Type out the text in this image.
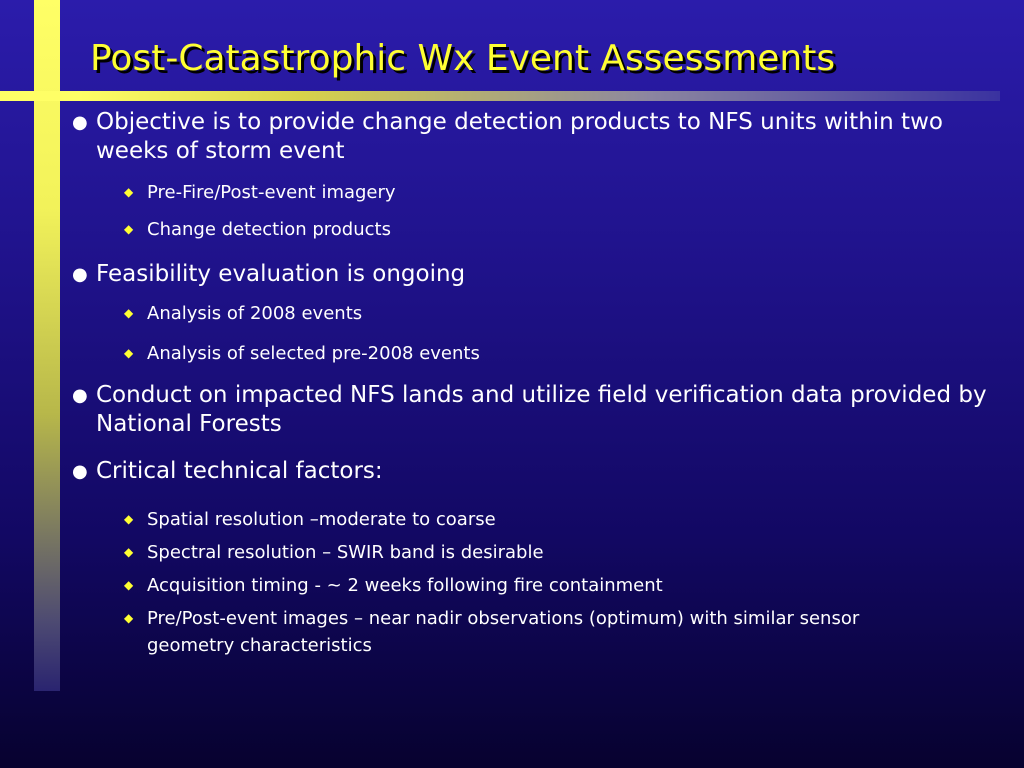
Post-Catastrophic Wx Event Assessments
● Objective is to provide change detection products to NFS units within two weeks of storm event
◆ Pre-Fire/Post-event imagery
◆ Change detection products
● Feasibility evaluation is ongoing
◆ Analysis of 2008 events
◆ Analysis of selected pre-2008 events
● Conduct on impacted NFS lands and utilize field verification data provided by National Forests
● Critical technical factors:
◆ Spatial resolution –moderate to coarse
◆ Spectral resolution – SWIR band is desirable
◆ Acquisition timing - ~ 2 weeks following fire containment
◆ Pre/Post-event images – near nadir observations (optimum) with similar sensor geometry characteristics
